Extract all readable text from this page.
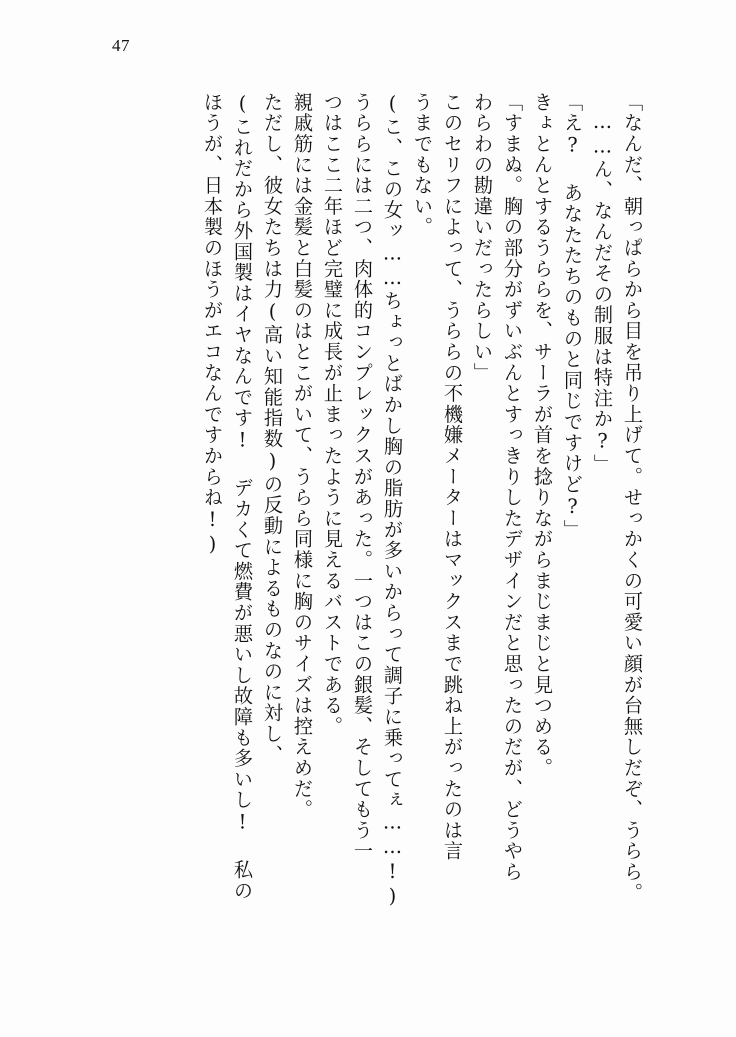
47
「なんだ、朝っぱらから目を吊り上げて。せっかくの可愛い顔が台無しだぞ、うらら。
……ん、なんだその制服は特注か?」
「え? あなたたちのものと同じですけど?」
きょとんとするうららを、サーラが首を捻りながらまじまじと見つめる。
「すまぬ。胸の部分がずいぶんとすっきりしたデザインだと思ったのだが、どうやら
わらわの勘違いだったらしい」
このセリフによって、うららの不機嫌メーターはマックスまで跳ね上がったのは言
うまでもない。
(こ、この女ッ……ちょっとばかし胸の脂肪が多いからって調子に乗ってぇ……!)
うららには二つ、肉体的コンプレックスがあった。一つはこの銀髪、そしてもう一
つはここ二年ほど完璧に成長が止まったように見えるバストである。
親戚筋には金髪と白髪のはとこがいて、うらら同様に胸のサイズは控えめだ。
ただし、彼女たちは力(高い知能指数)の反動によるものなのに対し、
(これだから外国製はイヤなんです! デカくて燃費が悪いし故障も多いし! 私の
ほうが、日本製のほうがエコなんですからね!)
